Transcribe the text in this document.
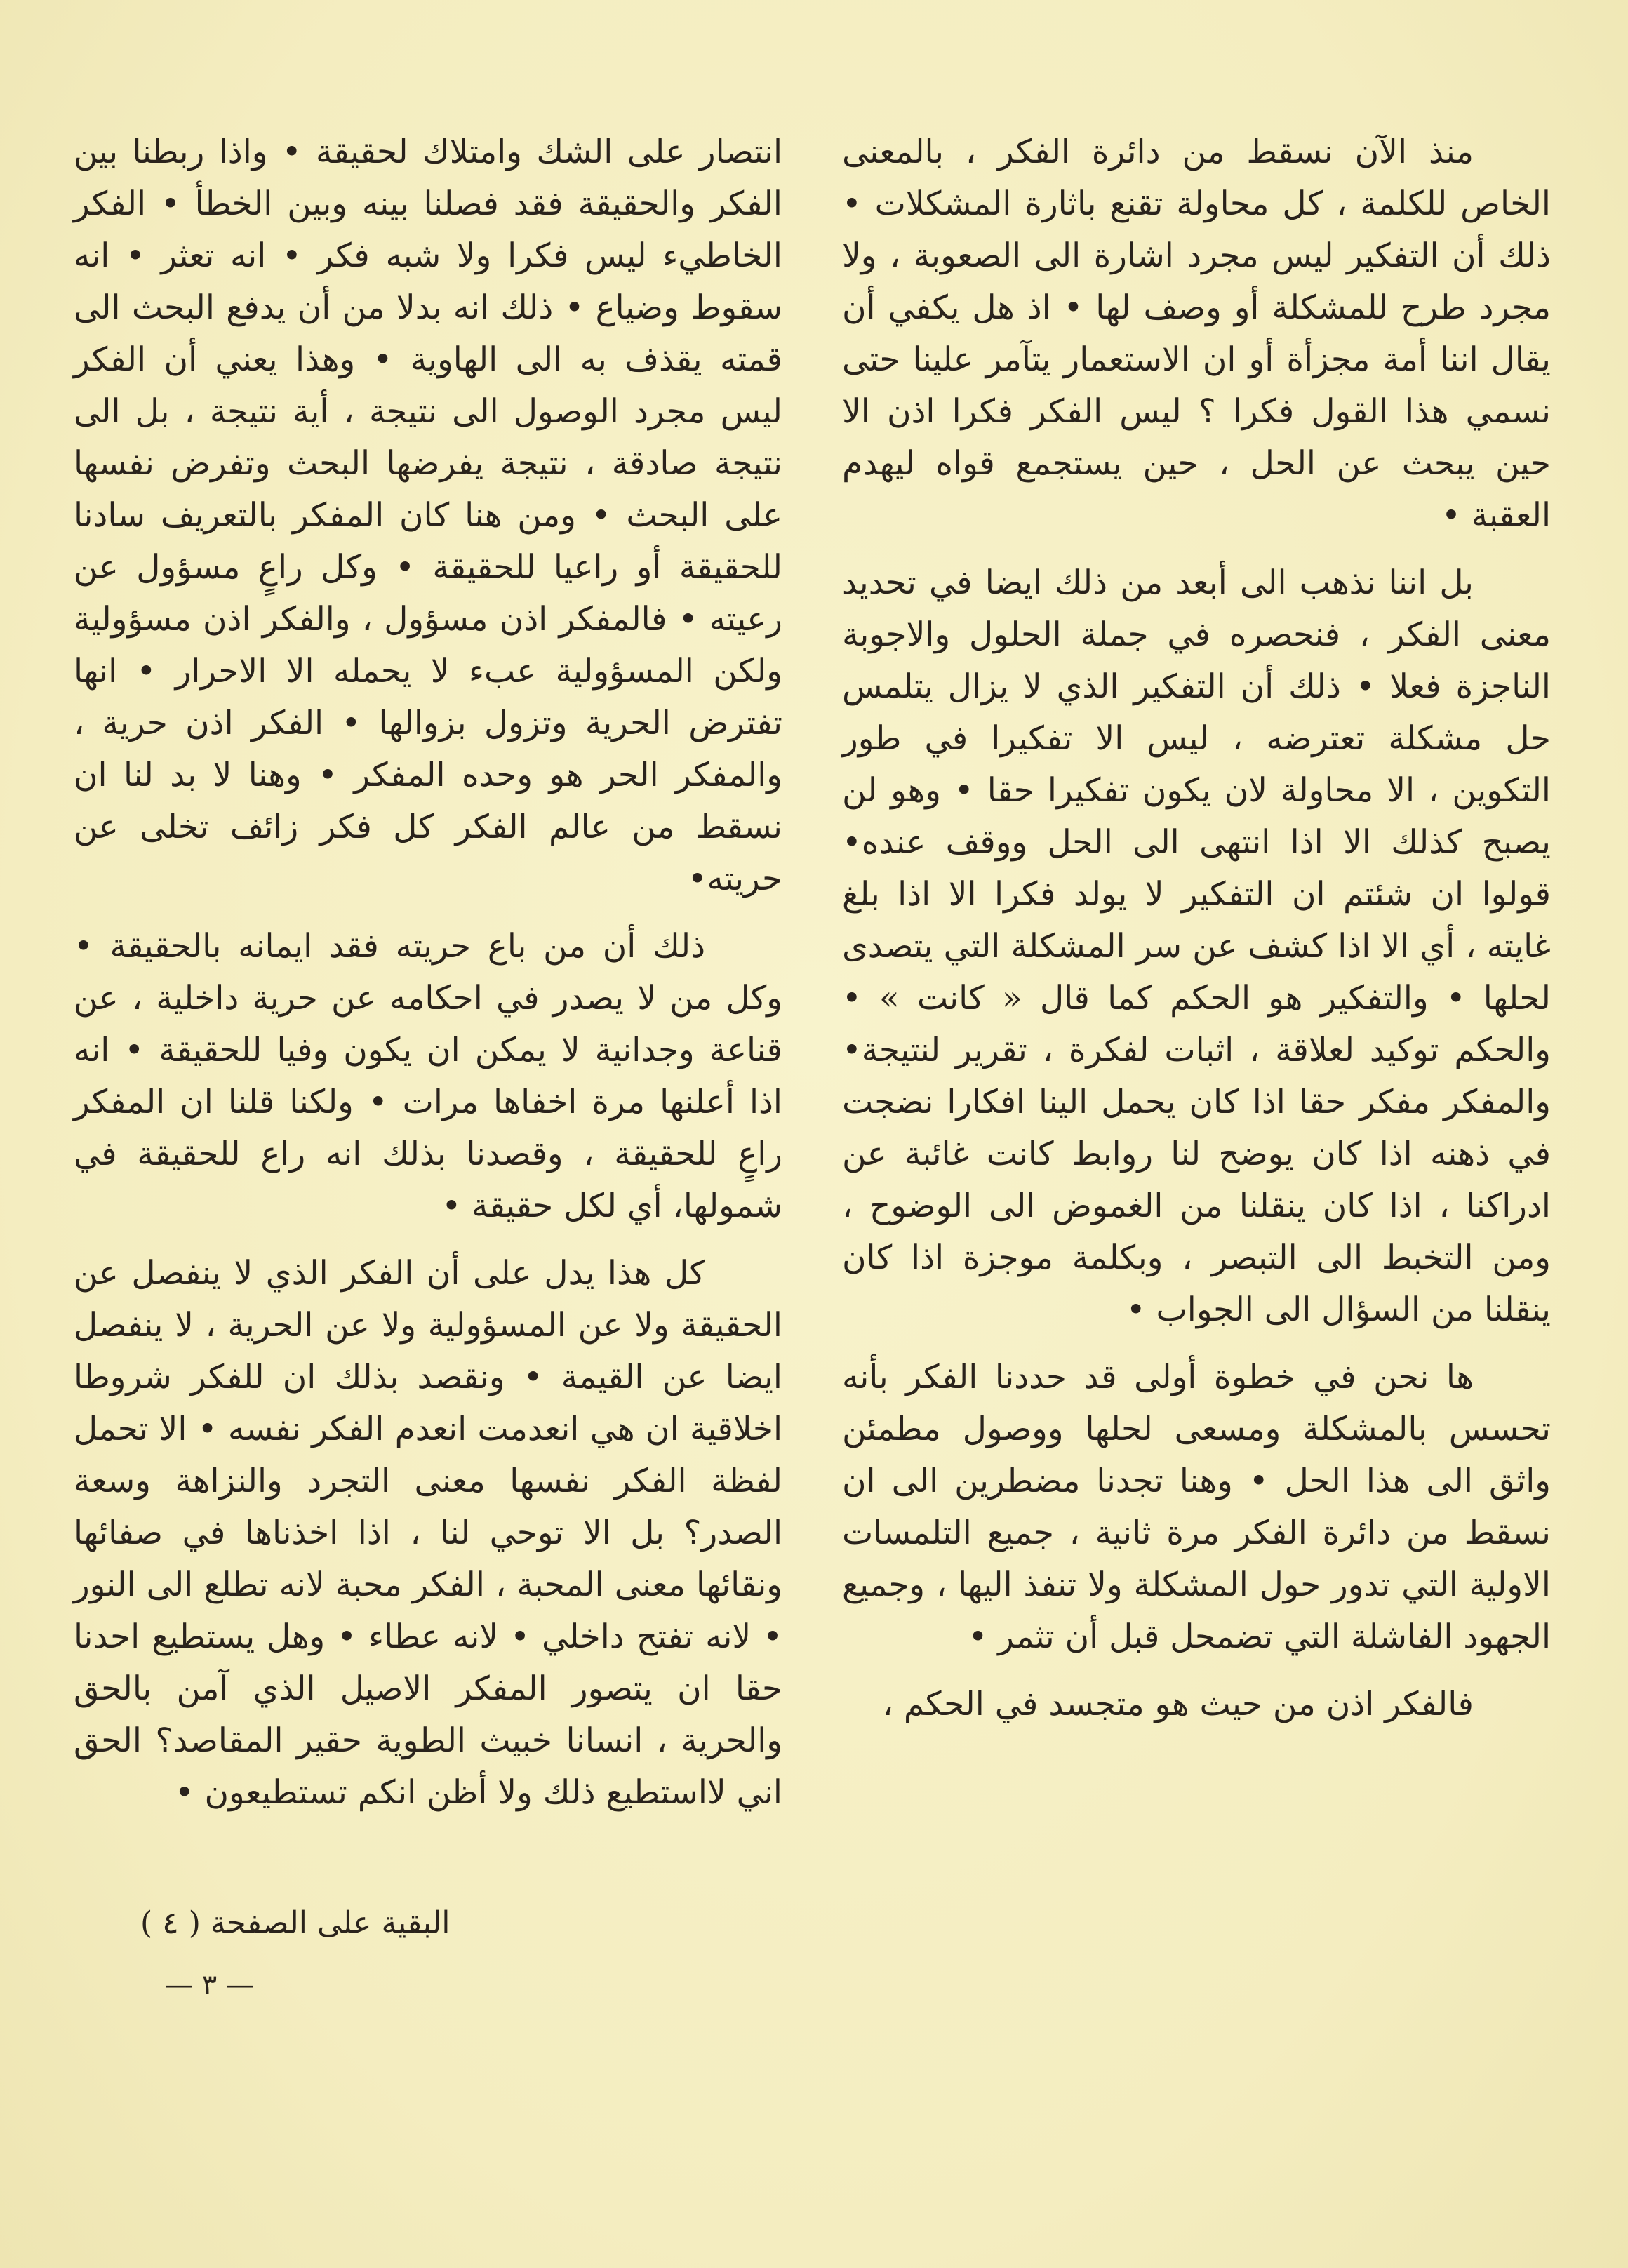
منذ الآن نسقط من دائرة الفكر ، بالمعنى الخاص للكلمة ، كل محاولة تقنع باثارة المشكلات • ذلك أن التفكير ليس مجرد اشارة الى الصعوبة ، ولا مجرد طرح للمشكلة أو وصف لها • اذ هل يكفي أن يقال اننا أمة مجزأة أو ان الاستعمار يتآمر علينا حتى نسمي هذا القول فكرا ؟ ليس الفكر فكرا اذن الا حين يبحث عن الحل ، حين يستجمع قواه ليهدم العقبة •

بل اننا نذهب الى أبعد من ذلك ايضا في تحديد معنى الفكر ، فنحصره في جملة الحلول والاجوبة الناجزة فعلا • ذلك أن التفكير الذي لا يزال يتلمس حل مشكلة تعترضه ، ليس الا تفكيرا في طور التكوين ، الا محاولة لان يكون تفكيرا حقا • وهو لن يصبح كذلك الا اذا انتهى الى الحل ووقف عنده• قولوا ان شئتم ان التفكير لا يولد فكرا الا اذا بلغ غايته ، أي الا اذا كشف عن سر المشكلة التي يتصدى لحلها • والتفكير هو الحكم كما قال « كانت » • والحكم توكيد لعلاقة ، اثبات لفكرة ، تقرير لنتيجة• والمفكر مفكر حقا اذا كان يحمل الينا افكارا نضجت في ذهنه اذا كان يوضح لنا روابط كانت غائبة عن ادراكنا ، اذا كان ينقلنا من الغموض الى الوضوح ، ومن التخبط الى التبصر ، وبكلمة موجزة اذا كان ينقلنا من السؤال الى الجواب •

ها نحن في خطوة أولى قد حددنا الفكر بأنه تحسس بالمشكلة ومسعى لحلها ووصول مطمئن واثق الى هذا الحل • وهنا تجدنا مضطرين الى ان نسقط من دائرة الفكر مرة ثانية ، جميع التلمسات الاولية التي تدور حول المشكلة ولا تنفذ اليها ، وجميع الجهود الفاشلة التي تضمحل قبل أن تثمر •

فالفكر اذن من حيث هو متجسد في الحكم ،

انتصار على الشك وامتلاك لحقيقة • واذا ربطنا بين الفكر والحقيقة فقد فصلنا بينه وبين الخطأ • الفكر الخاطيء ليس فكرا ولا شبه فكر • انه تعثر • انه سقوط وضياع • ذلك انه بدلا من أن يدفع البحث الى قمته يقذف به الى الهاوية • وهذا يعني أن الفكر ليس مجرد الوصول الى نتيجة ، أية نتيجة ، بل الى نتيجة صادقة ، نتيجة يفرضها البحث وتفرض نفسها على البحث • ومن هنا كان المفكر بالتعريف سادنا للحقيقة أو راعيا للحقيقة • وكل راعٍ مسؤول عن رعيته • فالمفكر اذن مسؤول ، والفكر اذن مسؤولية ولكن المسؤولية عبء لا يحمله الا الاحرار • انها تفترض الحرية وتزول بزوالها • الفكر اذن حرية ، والمفكر الحر هو وحده المفكر • وهنا لا بد لنا ان نسقط من عالم الفكر كل فكر زائف تخلى عن حريته•

ذلك أن من باع حريته فقد ايمانه بالحقيقة • وكل من لا يصدر في احكامه عن حرية داخلية ، عن قناعة وجدانية لا يمكن ان يكون وفيا للحقيقة • انه اذا أعلنها مرة اخفاها مرات • ولكنا قلنا ان المفكر راعٍ للحقيقة ، وقصدنا بذلك انه راع للحقيقة في شمولها، أي لكل حقيقة •

كل هذا يدل على أن الفكر الذي لا ينفصل عن الحقيقة ولا عن المسؤولية ولا عن الحرية ، لا ينفصل ايضا عن القيمة • ونقصد بذلك ان للفكر شروطا اخلاقية ان هي انعدمت انعدم الفكر نفسه • الا تحمل لفظة الفكر نفسها معنى التجرد والنزاهة وسعة الصدر؟ بل الا توحي لنا ، اذا اخذناها في صفائها ونقائها معنى المحبة ، الفكر محبة لانه تطلع الى النور • لانه تفتح داخلي • لانه عطاء • وهل يستطيع احدنا حقا ان يتصور المفكر الاصيل الذي آمن بالحق والحرية ، انسانا خبيث الطوية حقير المقاصد؟ الحق اني لااستطيع ذلك ولا أظن انكم تستطيعون •

البقية على الصفحة ( ٤ )
— ٣ —
